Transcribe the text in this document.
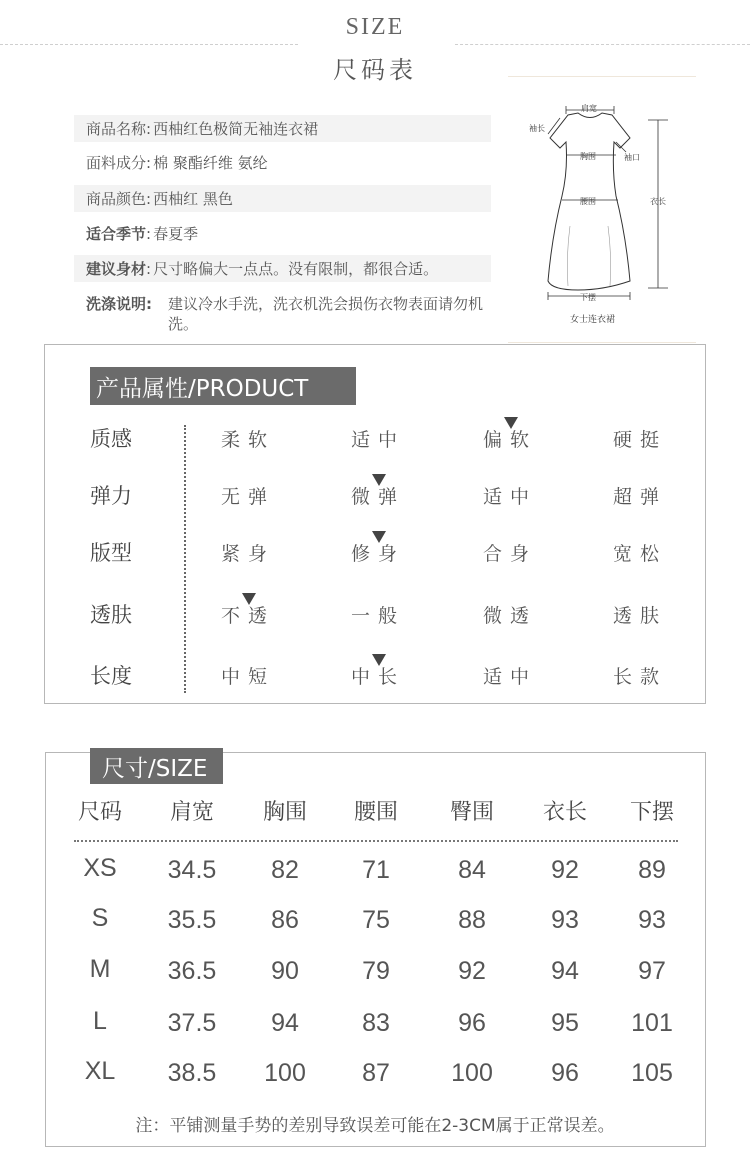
SIZE
尺码表
商品名称 : 西柚红色极简无袖连衣裙
面料成分 : 棉 聚酯纤维 氨纶
商品颜色 : 西柚红 黑色
适合季节 : 春夏季
建议身材 : 尺寸略偏大一点点。没有限制，都很合适。
洗涤说明: 建议冷水手洗，洗衣机洗会损伤衣物表面请勿机洗。
肩宽
袖长
胸围	袖口
腰围	衣长
下摆
女士连衣裙
产品属性/PRODUCT
质感	柔软	适中	偏软	硬挺
弹力	无弹	微弹	适中	超弹
版型	紧身	修身	合身	宽松
透肤	不透	一般	微透	透肤
长度	中短	中长	适中	长款
尺寸/SIZE
尺码	肩宽	胸围	腰围	臀围	衣长	下摆
XS	34.5	82	71	84	92	89
S	35.5	86	75	88	93	93
M	36.5	90	79	92	94	97
L	37.5	94	83	96	95	101
XL	38.5	100	87	100	96	105
注：平铺测量手势的差别导致误差可能在2-3CM属于正常误差。
